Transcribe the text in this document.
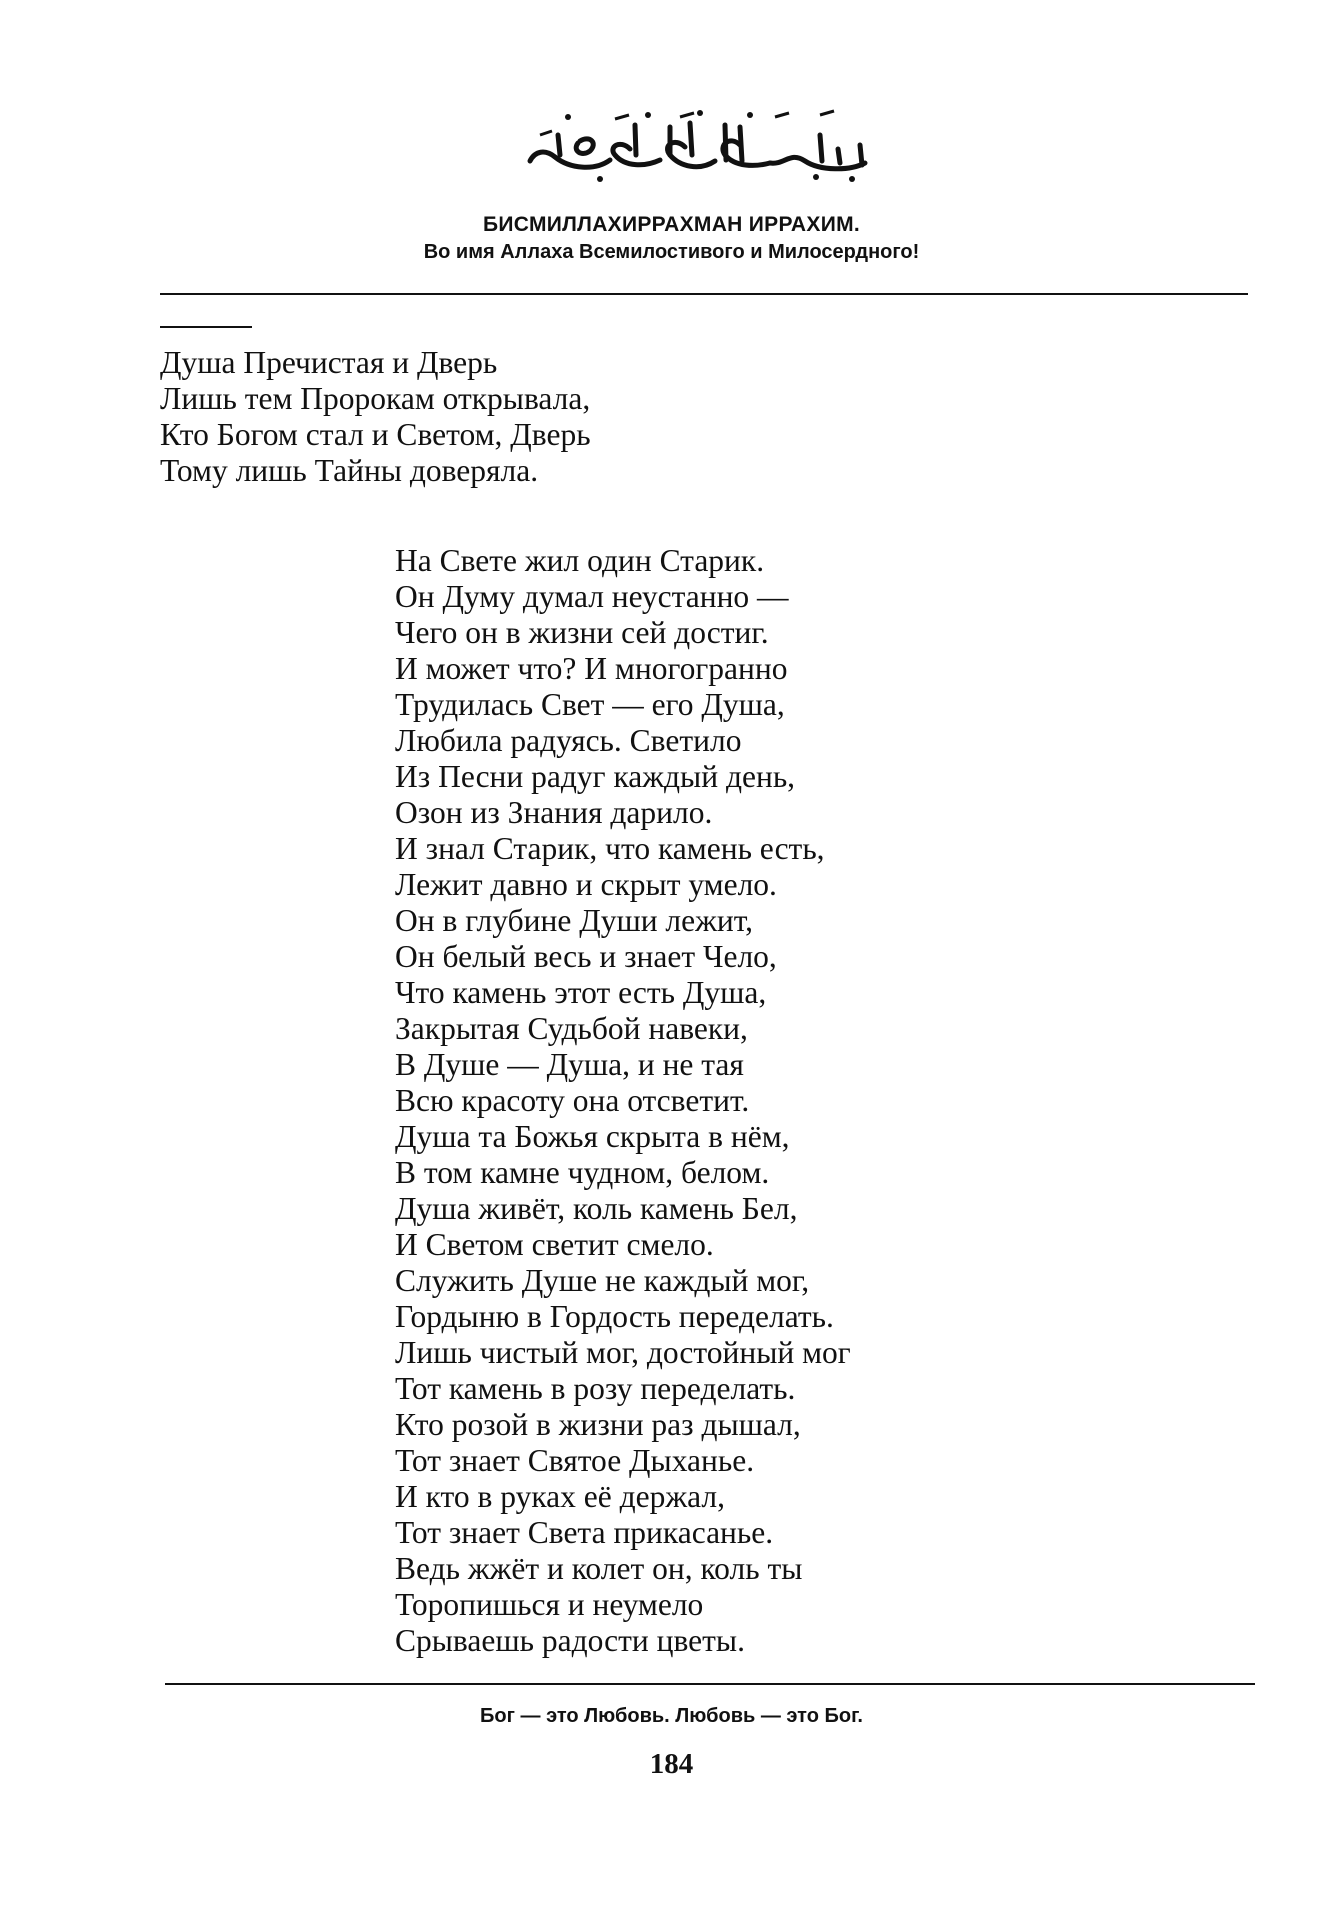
БИСМИЛЛАХИРРАХМАН ИРРАХИМ.
Во имя Аллаха Всемилостивого и Милосердного!
Душа Пречистая и Дверь
Лишь тем Пророкам открывала,
Кто Богом стал и Светом, Дверь
Тому лишь Тайны доверяла.
На Свете жил один Старик.
Он Думу думал неустанно —
Чего он в жизни сей достиг.
И может что? И многогранно
Трудилась Свет — его Душа,
Любила радуясь. Светило
Из Песни радуг каждый день,
Озон из Знания дарило.
И знал Старик, что камень есть,
Лежит давно и скрыт умело.
Он в глубине Души лежит,
Он белый весь и знает Чело,
Что камень этот есть Душа,
Закрытая Судьбой навеки,
В Душе — Душа, и не тая
Всю красоту она отсветит.
Душа та Божья скрыта в нём,
В том камне чудном, белом.
Душа живёт, коль камень Бел,
И Светом светит смело.
Служить Душе не каждый мог,
Гордыню в Гордость переделать.
Лишь чистый мог, достойный мог
Тот камень в розу переделать.
Кто розой в жизни раз дышал,
Тот знает Святое Дыханье.
И кто в руках её держал,
Тот знает Света прикасанье.
Ведь жжёт и колет он, коль ты
Торопишься и неумело
Срываешь радости цветы.
Бог — это Любовь. Любовь — это Бог.
184
